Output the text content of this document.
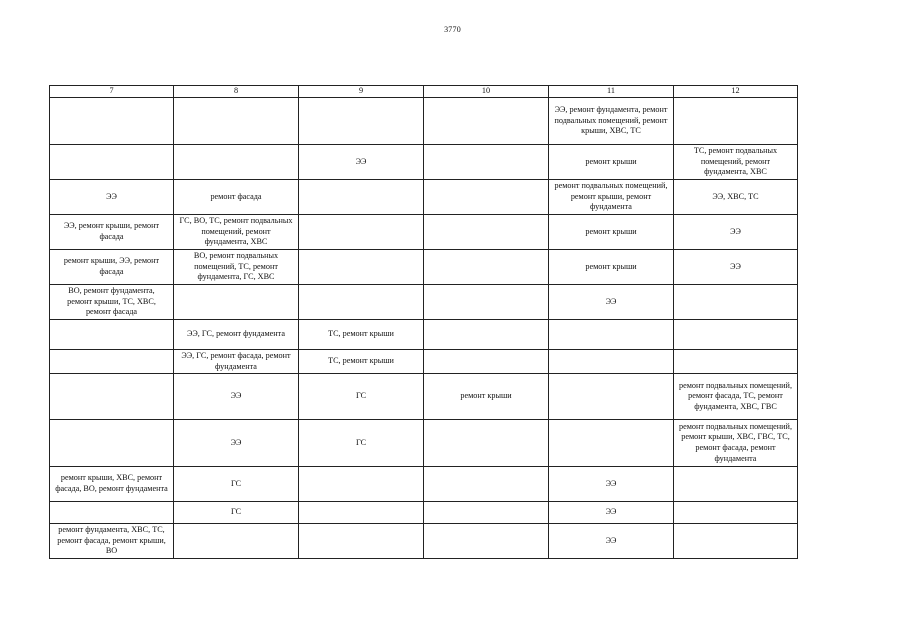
3770
7	8	9	10	11	12
				ЭЭ, ремонт фундамента, ремонт подвальных помещений, ремонт крыши, ХВС, ТС	
		ЭЭ		ремонт крыши	ТС, ремонт подвальных помещений, ремонт фундамента, ХВС
ЭЭ	ремонт фасада			ремонт подвальных помещений, ремонт крыши, ремонт фундамента	ЭЭ, ХВС, ТС
ЭЭ, ремонт крыши, ремонт фасада	ГС, ВО, ТС, ремонт подвальных помещений, ремонт фундамента, ХВС			ремонт крыши	ЭЭ
ремонт крыши, ЭЭ, ремонт фасада	ВО, ремонт подвальных помещений, ТС, ремонт фундамента, ГС, ХВС			ремонт крыши	ЭЭ
ВО, ремонт фундамента, ремонт крыши, ТС, ХВС, ремонт фасада				ЭЭ	
	ЭЭ, ГС, ремонт фундамента	ТС, ремонт крыши			
	ЭЭ, ГС, ремонт фасада, ремонт фундамента	ТС, ремонт крыши			
	ЭЭ	ГС	ремонт крыши		ремонт подвальных помещений, ремонт фасада, ТС, ремонт фундамента, ХВС, ГВС
	ЭЭ	ГС			ремонт подвальных помещений, ремонт крыши, ХВС, ГВС, ТС, ремонт фасада, ремонт фундамента
ремонт крыши, ХВС, ремонт фасада, ВО, ремонт фундамента	ГС			ЭЭ	
	ГС			ЭЭ	
ремонт фундамента, ХВС, ТС, ремонт фасада, ремонт крыши, ВО				ЭЭ	
